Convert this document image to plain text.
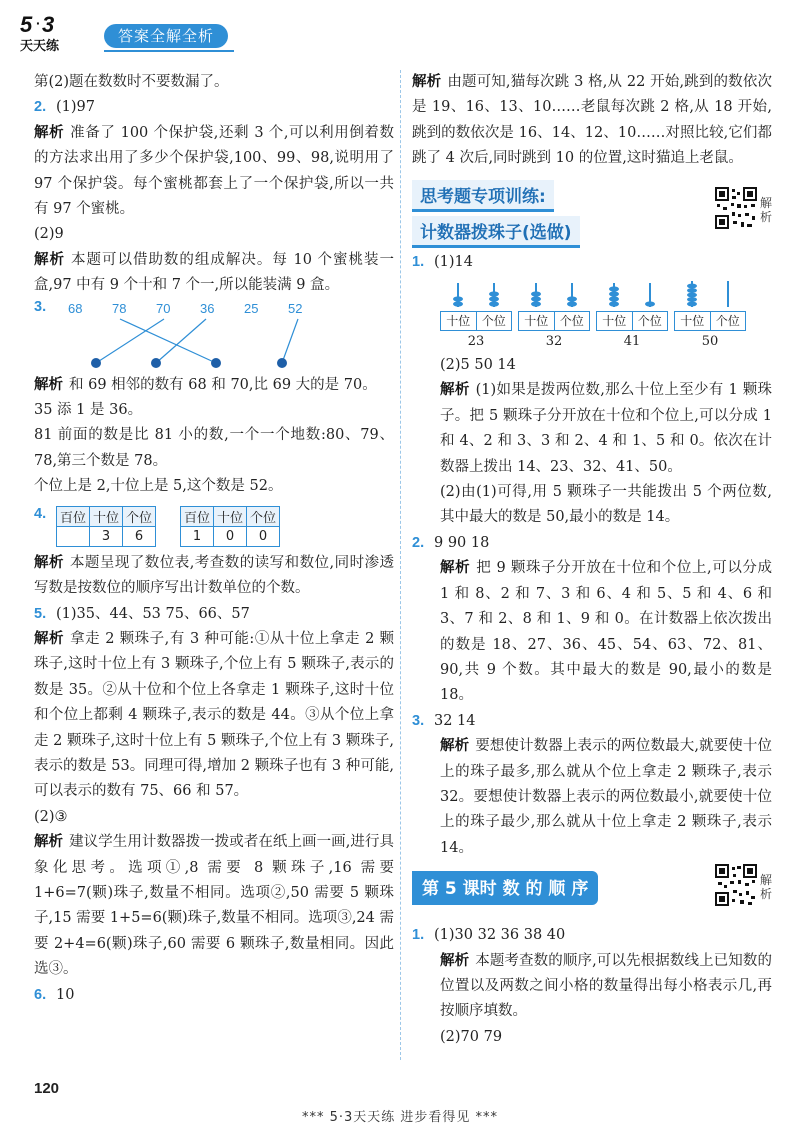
5 · 3
天天练
答案全解全析
第(2)题在数数时不要数漏了。
2. (1)97
解析 准备了 100 个保护袋,还剩 3 个,可以利用倒着数的方法求出用了多少个保护袋,100、99、98,说明用了 97 个保护袋。每个蜜桃都套上了一个保护袋,所以一共有 97 个蜜桃。
(2)9
解析 本题可以借助数的组成解决。每 10 个蜜桃装一盒,97 中有 9 个十和 7 个一,所以能装满 9 盒。
3.	68 78 70 36 25 52
解析 和 69 相邻的数有 68 和 70,比 69 大的是 70。
35 添 1 是 36。
81 前面的数是比 81 小的数,一个一个地数:80、79、78,第三个数是 78。
个位上是 2,十位上是 5,这个数是 52。
4.	百位	十位	个位
	3	6
百位	十位	个位
1	0	0
解析 本题呈现了数位表,考查数的读写和数位,同时渗透写数是按数位的顺序写出计数单位的个数。
5. (1)35、44、53 75、66、57
解析 拿走 2 颗珠子,有 3 种可能:①从十位上拿走 2 颗珠子,这时十位上有 3 颗珠子,个位上有 5 颗珠子,表示的数是 35。②从十位和个位上各拿走 1 颗珠子,这时十位和个位上都剩 4 颗珠子,表示的数是 44。③从个位上拿走 2 颗珠子,这时十位上有 5 颗珠子,个位上有 3 颗珠子,表示的数是 53。同理可得,增加 2 颗珠子也有 3 种可能,可以表示的数有 75、66 和 57。
(2)③
解析 建议学生用计数器拨一拨或者在纸上画一画,进行具象化思考。选项①,8 需要 8 颗珠子,16 需要 1+6=7(颗)珠子,数量不相同。选项②,50 需要 5 颗珠子,15 需要 1+5=6(颗)珠子,数量不相同。选项③,24 需要 2+4=6(颗)珠子,60 需要 6 颗珠子,数量相同。因此选③。
6. 10
解析 由题可知,猫每次跳 3 格,从 22 开始,跳到的数依次是 19、16、13、10……老鼠每次跳 2 格,从 18 开始,跳到的数依次是 16、14、12、10……对照比较,它们都跳了 4 次后,同时跳到 10 的位置,这时猫追上老鼠。
思考题专项训练:
计数器拨珠子(选做)
解析
1. (1)14
十位 个位
23
十位 个位
32
十位 个位
41
十位 个位
50
(2)5 50 14
解析 (1)如果是拨两位数,那么十位上至少有 1 颗珠子。把 5 颗珠子分开放在十位和个位上,可以分成 1 和 4、2 和 3、3 和 2、4 和 1、5 和 0。依次在计数器上拨出 14、23、32、41、50。
(2)由(1)可得,用 5 颗珠子一共能拨出 5 个两位数,其中最大的数是 50,最小的数是 14。
2. 9 90 18
解析 把 9 颗珠子分开放在十位和个位上,可以分成 1 和 8、2 和 7、3 和 6、4 和 5、5 和 4、6 和 3、7 和 2、8 和 1、9 和 0。在计数器上依次拨出的数是 18、27、36、45、54、63、72、81、90,共 9 个数。其中最大的数是 90,最小的数是 18。
3. 32 14
解析 要想使计数器上表示的两位数最大,就要使十位上的珠子最多,那么就从个位上拿走 2 颗珠子,表示 32。要想使计数器上表示的两位数最小,就要使十位上的珠子最少,那么就从十位上拿走 2 颗珠子,表示 14。
第 5 课时 数 的 顺 序	解析
1. (1)30 32 36 38 40
解析 本题考查数的顺序,可以先根据数线上已知数的位置以及两数之间小格的数量得出每小格表示几,再按顺序填数。
(2)70 79
120
*** 5·3天天练 进步看得见 ***
